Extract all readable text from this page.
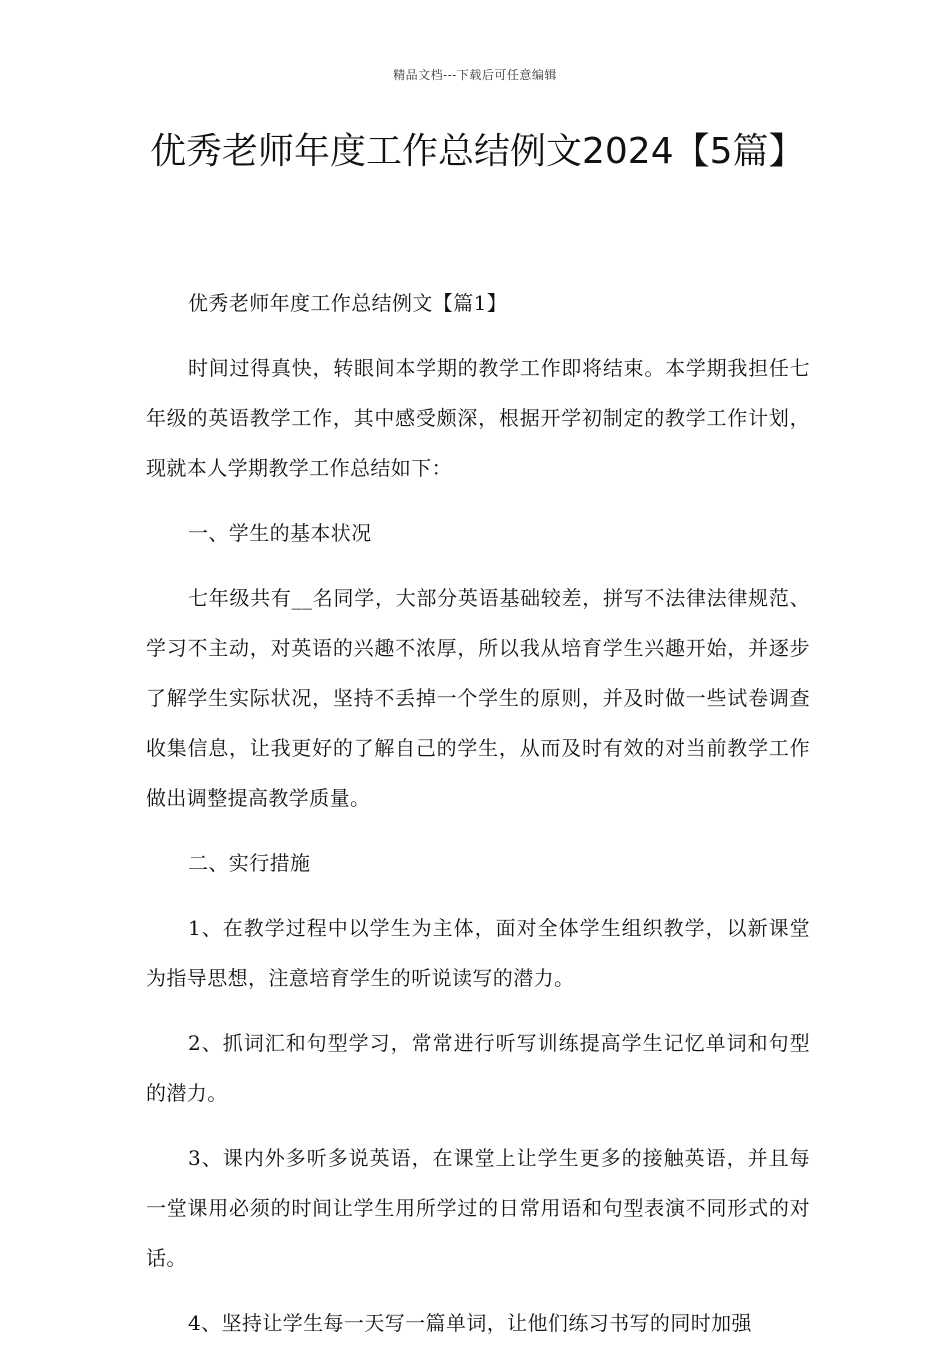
精品文档---下载后可任意编辑
优秀老师年度工作总结例文2024【5篇】

优秀老师年度工作总结例文【篇1】

时间过得真快，转眼间本学期的教学工作即将结束。本学期我担任七年级的英语教学工作，其中感受颇深，根据开学初制定的教学工作计划，现就本人学期教学工作总结如下：

一、学生的基本状况

七年级共有__名同学，大部分英语基础较差，拼写不法律法律规范、学习不主动，对英语的兴趣不浓厚，所以我从培育学生兴趣开始，并逐步了解学生实际状况，坚持不丢掉一个学生的原则，并及时做一些试卷调查收集信息，让我更好的了解自己的学生，从而及时有效的对当前教学工作做出调整提高教学质量。

二、实行措施

1、在教学过程中以学生为主体，面对全体学生组织教学，以新课堂为指导思想，注意培育学生的听说读写的潜力。

2、抓词汇和句型学习，常常进行听写训练提高学生记忆单词和句型的潜力。

3、课内外多听多说英语，在课堂上让学生更多的接触英语，并且每一堂课用必须的时间让学生用所学过的日常用语和句型表演不同形式的对话。

4、坚持让学生每一天写一篇单词，让他们练习书写的同时加强
